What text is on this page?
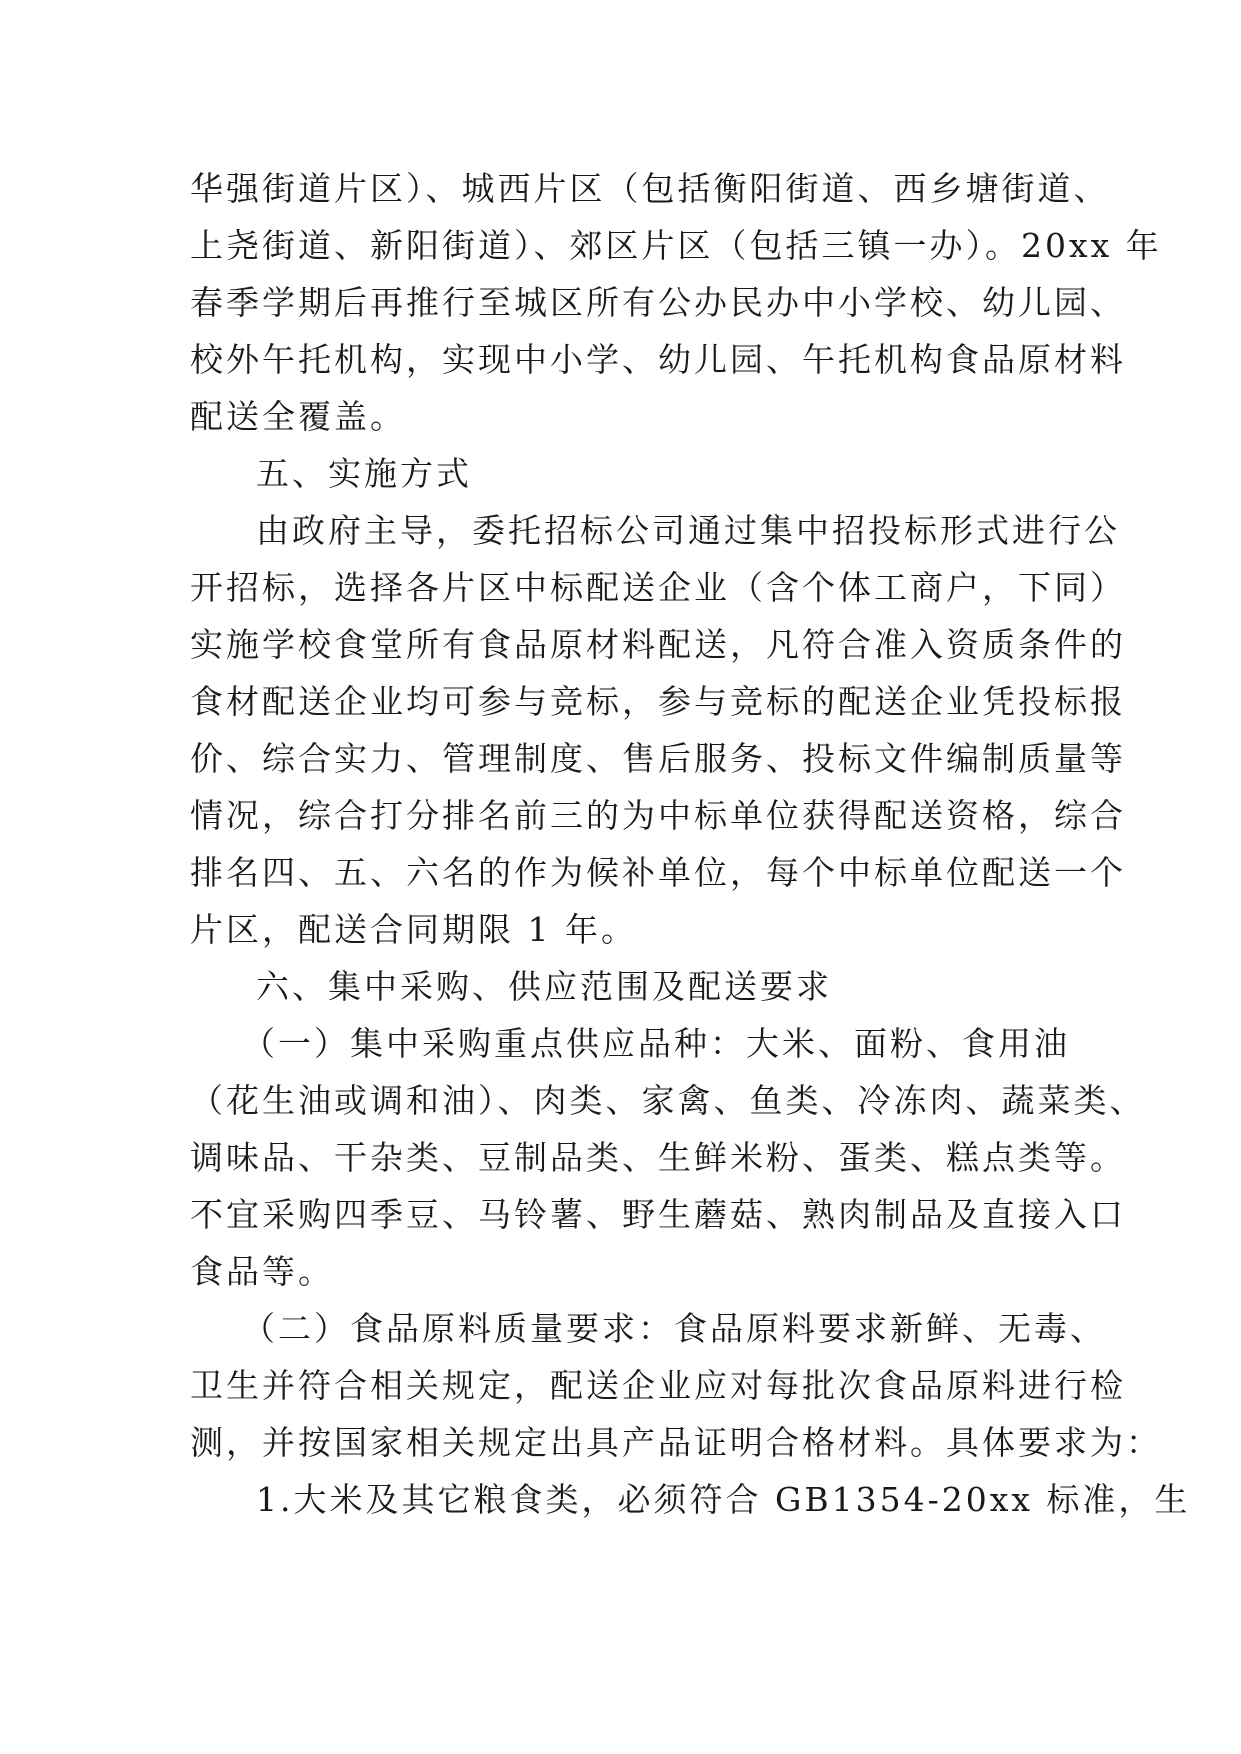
华强街道片区）、城西片区（包括衡阳街道、西乡塘街道、
上尧街道、新阳街道）、郊区片区（包括三镇一办）。20xx 年
春季学期后再推行至城区所有公办民办中小学校、幼儿园、
校外午托机构，实现中小学、幼儿园、午托机构食品原材料
配送全覆盖。
五、实施方式
由政府主导，委托招标公司通过集中招投标形式进行公
开招标，选择各片区中标配送企业（含个体工商户，下同）
实施学校食堂所有食品原材料配送，凡符合准入资质条件的
食材配送企业均可参与竞标，参与竞标的配送企业凭投标报
价、综合实力、管理制度、售后服务、投标文件编制质量等
情况，综合打分排名前三的为中标单位获得配送资格，综合
排名四、五、六名的作为候补单位，每个中标单位配送一个
片区，配送合同期限 1 年。
六、集中采购、供应范围及配送要求
（一）集中采购重点供应品种：大米、面粉、食用油
（花生油或调和油）、肉类、家禽、鱼类、冷冻肉、蔬菜类、
调味品、干杂类、豆制品类、生鲜米粉、蛋类、糕点类等。
不宜采购四季豆、马铃薯、野生蘑菇、熟肉制品及直接入口
食品等。
（二）食品原料质量要求：食品原料要求新鲜、无毒、
卫生并符合相关规定，配送企业应对每批次食品原料进行检
测，并按国家相关规定出具产品证明合格材料。具体要求为：
1.大米及其它粮食类，必须符合 GB1354-20xx 标准，生
